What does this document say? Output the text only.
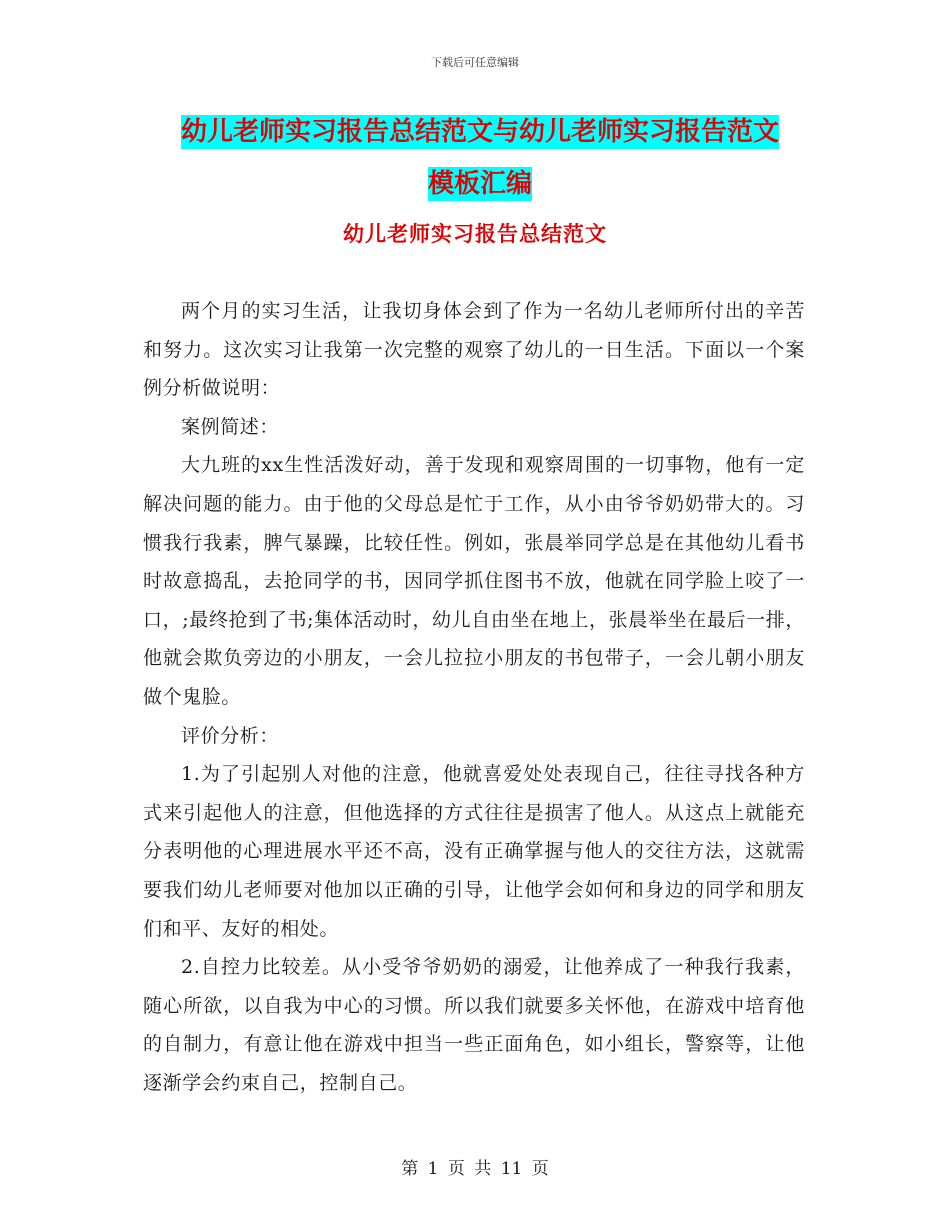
下载后可任意编辑
幼儿老师实习报告总结范文与幼儿老师实习报告范文
模板汇编
幼儿老师实习报告总结范文

两个月的实习生活，让我切身体会到了作为一名幼儿老师所付出的辛苦和努力。这次实习让我第一次完整的观察了幼儿的一日生活。下面以一个案例分析做说明：

案例简述：

大九班的xx生性活泼好动，善于发现和观察周围的一切事物，他有一定解决问题的能力。由于他的父母总是忙于工作，从小由爷爷奶奶带大的。习惯我行我素，脾气暴躁，比较任性。例如，张晨举同学总是在其他幼儿看书时故意捣乱，去抢同学的书，因同学抓住图书不放，他就在同学脸上咬了一口，;最终抢到了书;集体活动时，幼儿自由坐在地上，张晨举坐在最后一排，他就会欺负旁边的小朋友，一会儿拉拉小朋友的书包带子，一会儿朝小朋友做个鬼脸。

评价分析：

1.为了引起别人对他的注意，他就喜爱处处表现自己，往往寻找各种方式来引起他人的注意，但他选择的方式往往是损害了他人。从这点上就能充分表明他的心理进展水平还不高，没有正确掌握与他人的交往方法，这就需要我们幼儿老师要对他加以正确的引导，让他学会如何和身边的同学和朋友们和平、友好的相处。

2.自控力比较差。从小受爷爷奶奶的溺爱，让他养成了一种我行我素，随心所欲，以自我为中心的习惯。所以我们就要多关怀他，在游戏中培育他的自制力，有意让他在游戏中担当一些正面角色，如小组长，警察等，让他逐渐学会约束自己，控制自己。

第 1 页 共 11 页
